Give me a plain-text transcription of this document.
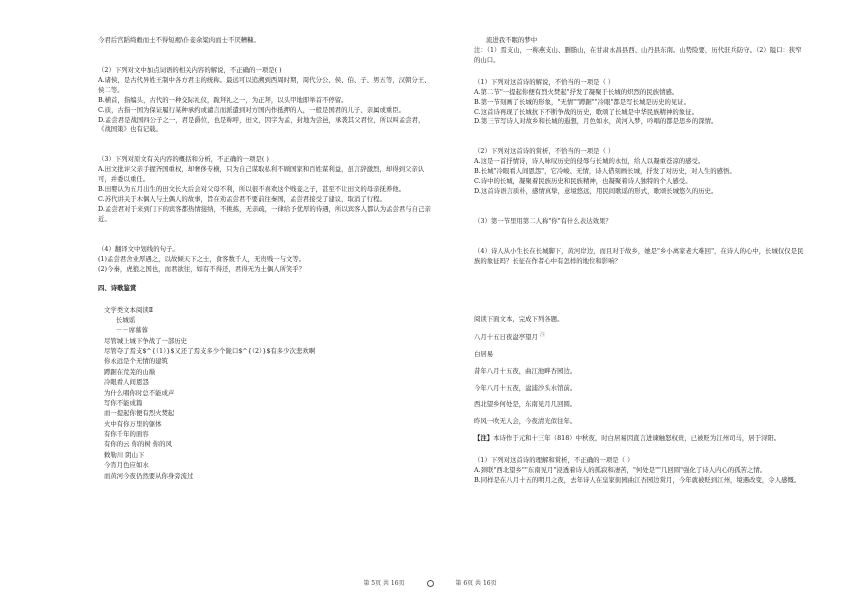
今君后宫蹈绮縠而士不得短褐\仆妾余粱肉而士不厌糟糠。

（2）下列对文中加点词语的相关内容的解说，不正确的一项是( )

A.诸侯，是古代异姓王制中各方君主的统称。最远可以追溯到西周时期，周代分公、侯、伯、子、男五等，汉朝分王、侯二等。

B.横首，指编头，古代的一种交际礼仪，跪拜礼之一，为正拜，以头甲地即举首不停留。

C.质，古指一国为保证履行某种承约或谴言而派遣到对方国内作抵押的人，一般是国君的儿子、亲属或重臣。

D.孟尝君是战国四公子之一，君是爵位，也是称呼，田文，因字为孟，封地为尝邑，承袭其父君位，所以叫孟尝君，《战国策》也有记载。

（3）下列对原文有关内容的概括和分析，不正确的一项是( )

A.田文批评父亲手握齐国重权，却奢侈专横，只为自己谋取私利不顾国家和百姓谋利益，虽言辞激烈，却得到父亲认可，并委以重任。

B.田婴认为五月出生的田文长大后会对父母不利，所以很不喜欢这个贱妾之子，甚至不让田文的母亲抚养他。

C.苏代讲关于木偶人与土偶人的故事，旨在劝孟尝君不要前往秦国，孟尝君接受了建议，取消了行程。

D.孟尝君对于来到门下的宾客都热情接纳，不挑拣，无亲疏，一律给予优厚的待遇，所以宾客人都认为孟尝君与自己亲近。

（4）翻译文中划线的句子。

(1)孟尝君舍业厚遇之，以故倾天下之士，食客数千人，无贵贱一与文等。

(2)今秦，虎狼之国也，而君欲往，如有不得还，君得无为土偶人所笑乎？

四、诗歌鉴赏

文学类文本阅读Ⅱ

长城谣

－－席慕蓉

尽管城上城下争战了一部历史

尽管夺了焉支$^{（1）}$又还了焉支多少个陇口$^{（2）}$有多少次悲欢啊

你永远是个无情的建筑

蹲踞在荒芜的山巅

冷眼看人间恩怨

为什么唱你时总不能成声

写你不能成篇

而一提起你便有烈火焚起

火中有你万里的躯体

有你千年的面容

有你的云 你的树 你的风

敕勒川 阴山下

今宵月色应如水

而黄河今夜仍然要从你身旁流过

流进我不眠的梦中

注：（1）焉支山，一称燕支山、删脂山，在甘肃永昌县西、山丹县东南。山势险要，历代驻兵防守。（2）隘口：狭窄的山口。

（1）下列对这首诗的解说，不恰当的一项是（ ）

A.第二节"一提起你便有烈火焚起"抒发了凝聚于长城的炽烈的民族情感。

B.第一节刻画了长城的形象，"无情""蹲踞""冷眼"都是写长城是历史的见证。

C.这首诗再现了长城抗下不断争战的历史，歌颂了长城是中华民族精神的象征。

D.第三节写诗人对故乡和长城的遐想，月色如水，黄河入梦，吟唱的都是思乡的深情。

（2）下列对这首诗的赏析，不恰当的一项是（ ）

A.这是一首抒情诗，诗人咏叹历史的侵辱与长城的永恒，给人以凝重苍凉的感受。

B.长城"冷眼看人间恩怨"，它冷峻、无情，诗人借刻画长城，抒发了对历史，对人生的感悟。

C.诗中的长城，凝聚着民族历史和民族精神，也凝聚着诗人独特的个人感受。

D.这首诗语言质朴，感情真挚，意境悠远，用民间歌谣的形式，歌颂长城悠久的历史。

（3）第一节里用第二人称"你"有什么表达效果？

（4）诗人从小生长在长城脚下，黄河岸边，而且对于故乡，她是"乡小离家老大难回"，在诗人的心中，长城仅仅是民族的象征吗？长征在作者心中有怎样的地位和影响？

阅读下面文本，完成下列各题。

八月十五日夜湓亭望月 $^注$

白居易

昔年八月十五夜，曲江池畔杏园边。

今年八月十五夜，湓浦沙头水馆前。

西北望乡何处是，东南见月几回圆。

昨风一吹无人会，今夜清光似往年。

【注】本诗作于元和十三年（818）中秋夜，时白居易因直言进谏触怒权贵，已被贬为江州司马，居于浔阳。

（1）下列对这首诗的理解和赏析，不正确的一项是（ ）

A.颈联"西北望乡""东南见月"浸透着诗人的孤寂和凄苦，"何处是""几回圆"强化了诗人内心的孤苦之情。

B.同样是在八月十五的明月之夜，去年诗人在皇家街园曲江杏园边赏月，今年就被贬到江州，境遇改变，令人感慨。

第 5页 共 16页	第 6页 共 16页
